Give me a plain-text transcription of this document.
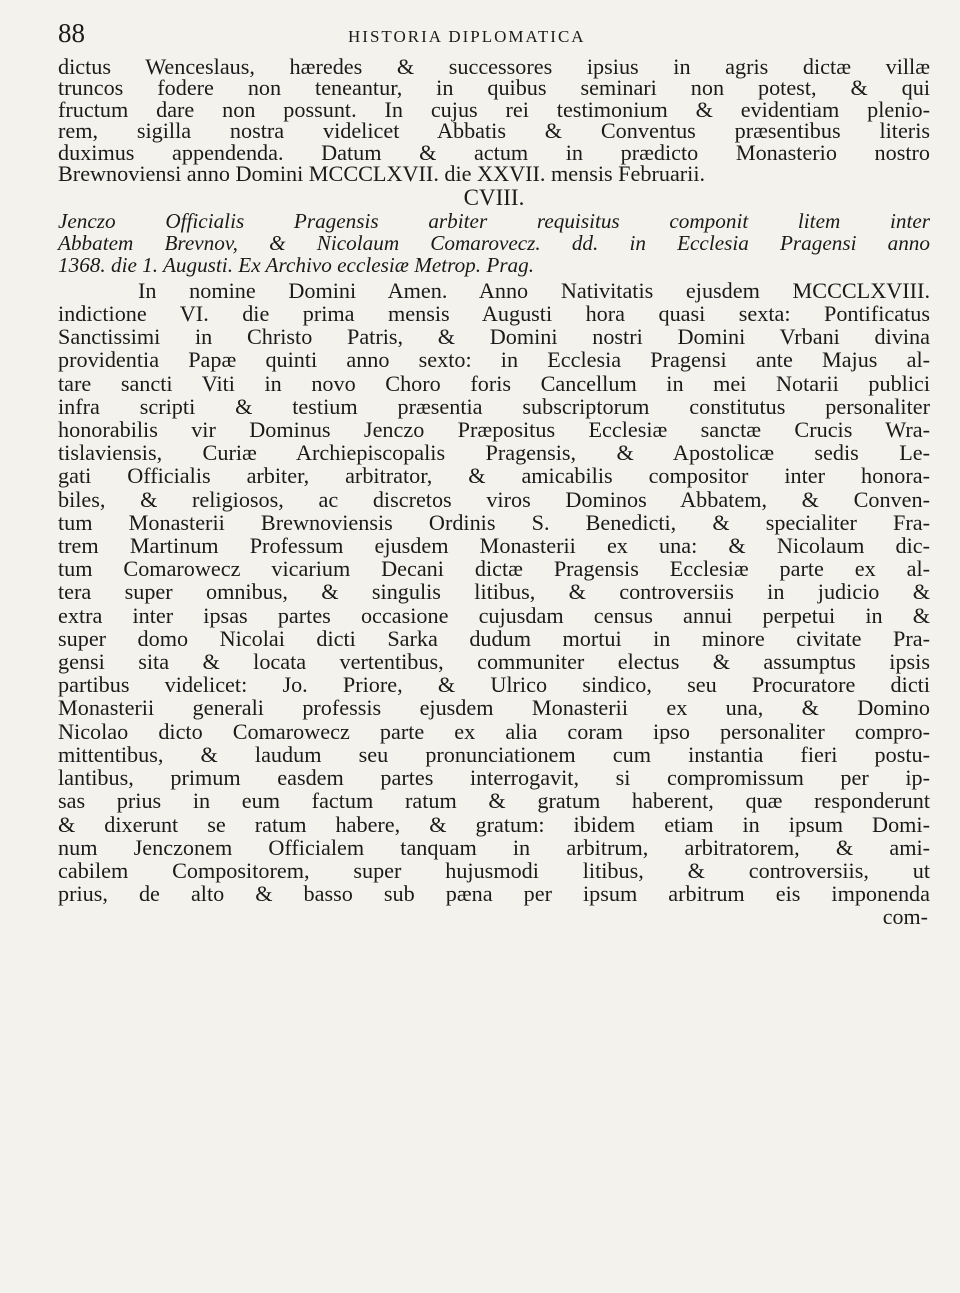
88	HISTORIA DIPLOMATICA

dictus Wenceslaus, hæredes & successores ipsius in agris dictæ villæ

truncos fodere non teneantur, in quibus seminari non potest, & qui

fructum dare non possunt. In cujus rei testimonium & evidentiam plenio-

rem, sigilla nostra videlicet Abbatis & Conventus præsentibus literis

duximus appendenda. Datum & actum in prædicto Monasterio nostro

Brewnoviensi anno Domini MCCCLXVII. die XXVII. mensis Februarii.

CVIII.

Jenczo Officialis Pragensis arbiter requisitus componit litem inter

Abbatem Brevnov, & Nicolaum Comarovecz. dd. in Ecclesia Pragensi anno

1368. die 1. Augusti. Ex Archivo ecclesiæ Metrop. Prag.

In nomine Domini Amen. Anno Nativitatis ejusdem MCCCLXVIII.

indictione VI. die prima mensis Augusti hora quasi sexta: Pontificatus

Sanctissimi in Christo Patris, & Domini nostri Domini Vrbani divina

providentia Papæ quinti anno sexto: in Ecclesia Pragensi ante Majus al-

tare sancti Viti in novo Choro foris Cancellum in mei Notarii publici

infra scripti & testium præsentia subscriptorum constitutus personaliter

honorabilis vir Dominus Jenczo Præpositus Ecclesiæ sanctæ Crucis Wra-

tislaviensis, Curiæ Archiepiscopalis Pragensis, & Apostolicæ sedis Le-

gati Officialis arbiter, arbitrator, & amicabilis compositor inter honora-

biles, & religiosos, ac discretos viros Dominos Abbatem, & Conven-

tum Monasterii Brewnoviensis Ordinis S. Benedicti, & specialiter Fra-

trem Martinum Professum ejusdem Monasterii ex una: & Nicolaum dic-

tum Comarowecz vicarium Decani dictæ Pragensis Ecclesiæ parte ex al-

tera super omnibus, & singulis litibus, & controversiis in judicio &

extra inter ipsas partes occasione cujusdam census annui perpetui in &

super domo Nicolai dicti Sarka dudum mortui in minore civitate Pra-

gensi sita & locata vertentibus, communiter electus & assumptus ipsis

partibus videlicet: Jo. Priore, & Ulrico sindico, seu Procuratore dicti

Monasterii generali professis ejusdem Monasterii ex una, & Domino

Nicolao dicto Comarowecz parte ex alia coram ipso personaliter compro-

mittentibus, & laudum seu pronunciationem cum instantia fieri postu-

lantibus, primum easdem partes interrogavit, si compromissum per ip-

sas prius in eum factum ratum & gratum haberent, quæ responderunt

& dixerunt se ratum habere, & gratum: ibidem etiam in ipsum Domi-

num Jenczonem Officialem tanquam in arbitrum, arbitratorem, & ami-

cabilem Compositorem, super hujusmodi litibus, & controversiis, ut

prius, de alto & basso sub pæna per ipsum arbitrum eis imponenda

com-
